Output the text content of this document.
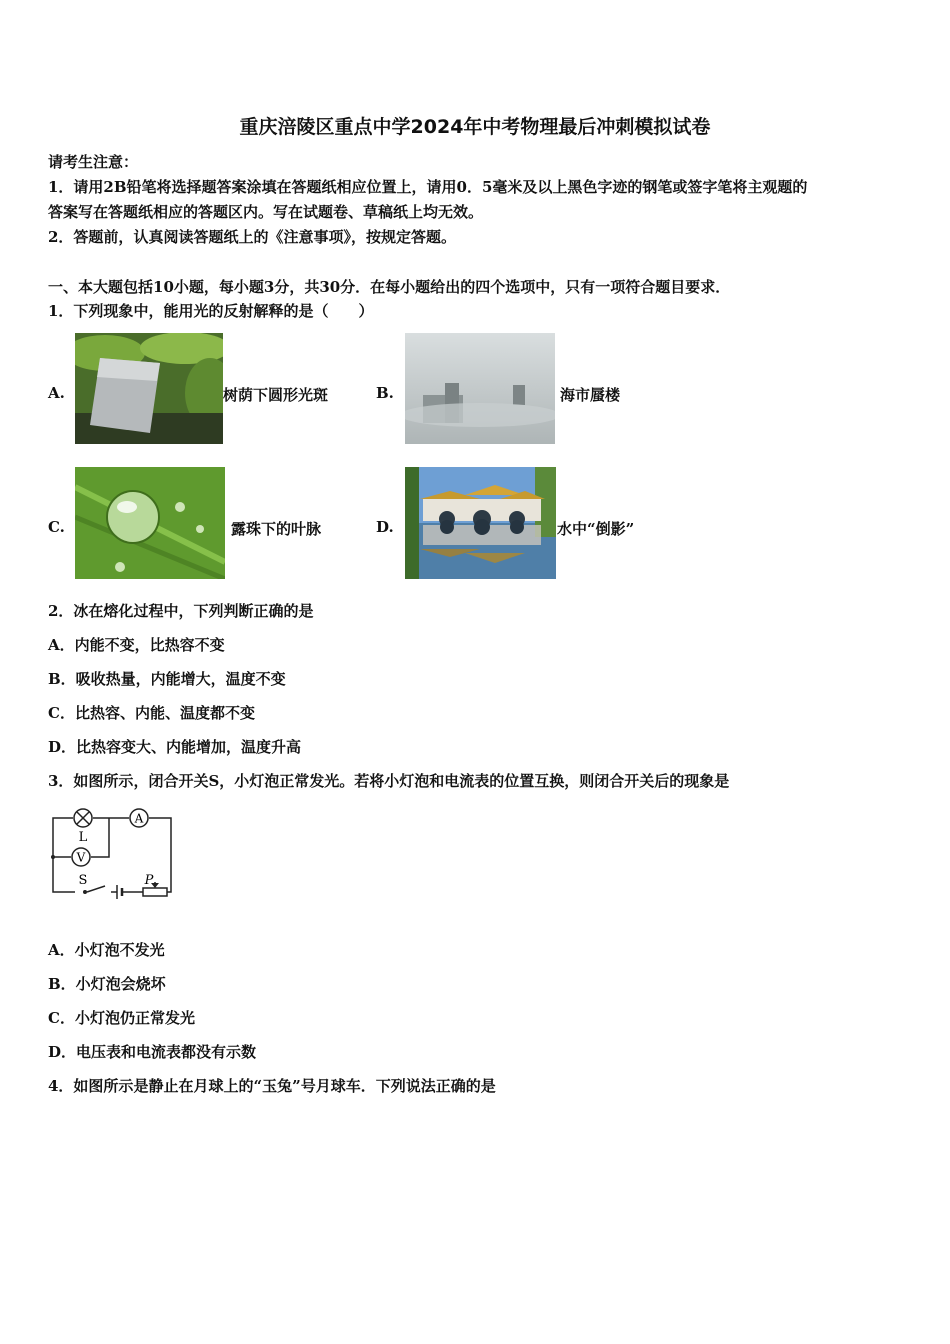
重庆涪陵区重点中学2024年中考物理最后冲刺模拟试卷
请考生注意：
1．请用2B铅笔将选择题答案涂填在答题纸相应位置上，请用0．5毫米及以上黑色字迹的钢笔或签字笔将主观题的
答案写在答题纸相应的答题区内。写在试题卷、草稿纸上均无效。
2．答题前，认真阅读答题纸上的《注意事项》，按规定答题。
一、本大题包括10小题，每小题3分，共30分．在每小题给出的四个选项中，只有一项符合题目要求．
1．下列现象中，能用光的反射解释的是（　　）
A.	树荫下圆形光斑	B.	海市蜃楼
C.	露珠下的叶脉	D.	水中“倒影”
2．冰在熔化过程中，下列判断正确的是
A．内能不变，比热容不变
B．吸收热量，内能增大，温度不变
C．比热容、内能、温度都不变
D．比热容变大、内能增加，温度升高
3．如图所示，闭合开关S，小灯泡正常发光。若将小灯泡和电流表的位置互换，则闭合开关后的现象是
A
V
L
S	P
A．小灯泡不发光
B．小灯泡会烧坏
C．小灯泡仍正常发光
D．电压表和电流表都没有示数
4．如图所示是静止在月球上的“玉兔”号月球车．下列说法正确的是
